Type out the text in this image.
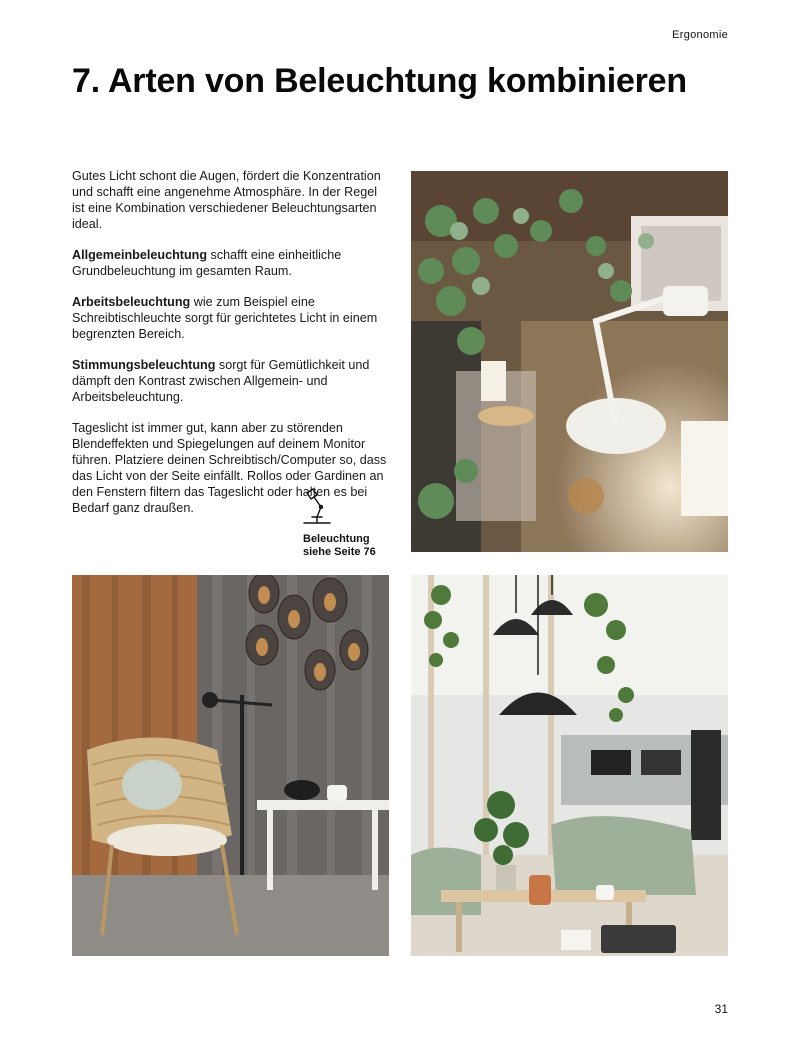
Ergonomie
7. Arten von Beleuchtung kombinieren

Gutes Licht schont die Augen, fördert die Konzentration und schafft eine angenehme Atmosphäre. In der Regel ist eine Kombination verschiedener Beleuchtungsarten ideal.

Allgemeinbeleuchtung schafft eine einheitliche Grundbeleuchtung im gesamten Raum.

Arbeitsbeleuchtung wie zum Beispiel eine Schreibtischleuchte sorgt für gerichtetes Licht in einem begrenzten Bereich.

Stimmungsbeleuchtung sorgt für Gemütlichkeit und dämpft den Kontrast zwischen Allgemein- und Arbeitsbeleuchtung.

Tageslicht ist immer gut, kann aber zu störenden Blendeffekten und Spiegelungen auf deinem Monitor führen. Platziere deinen Schreibtisch/Computer so, dass das Licht von der Seite einfällt. Rollos oder Gardinen an den Fenstern filtern das Tageslicht oder halten es bei Bedarf ganz draußen.

Beleuchtung
siehe Seite 76
31
